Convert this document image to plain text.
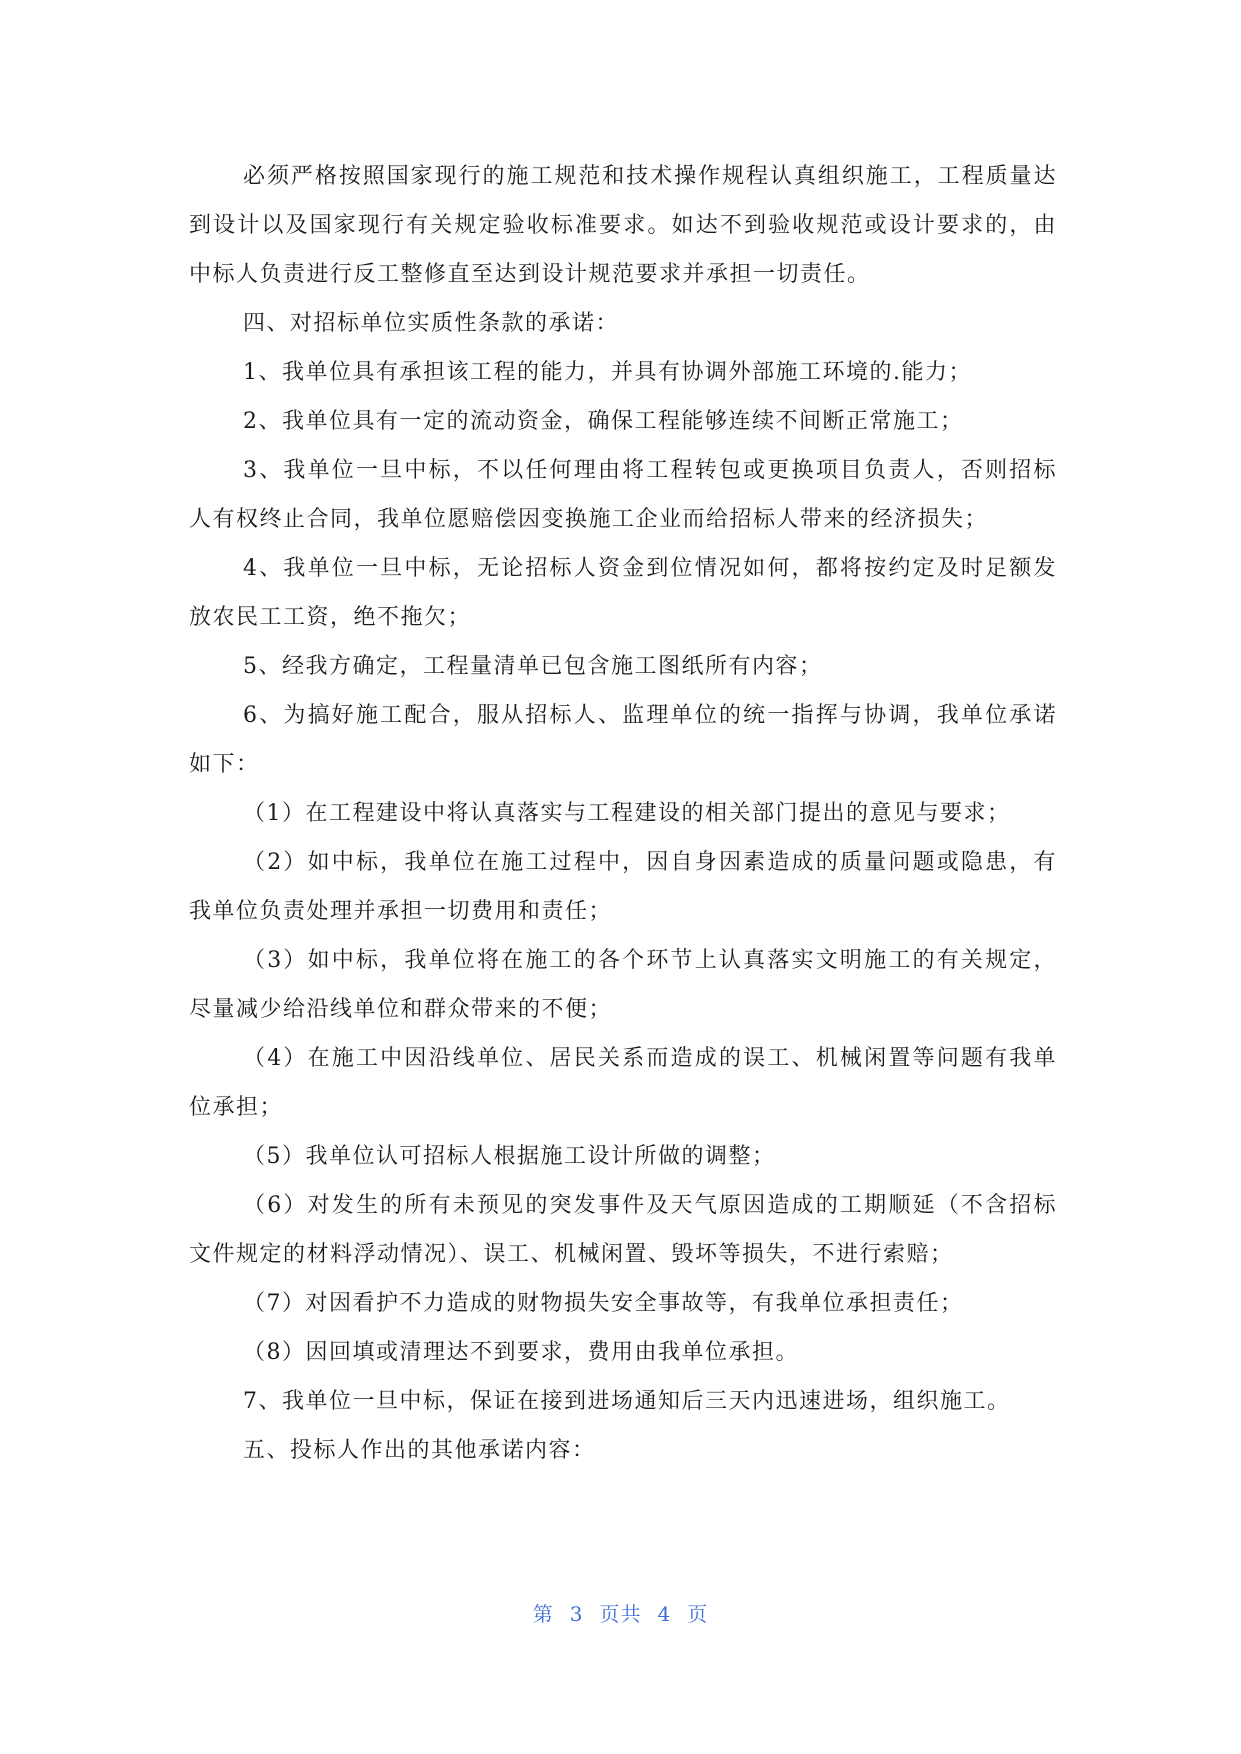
必须严格按照国家现行的施工规范和技术操作规程认真组织施工，工程质量达到设计以及国家现行有关规定验收标准要求。如达不到验收规范或设计要求的，由中标人负责进行反工整修直至达到设计规范要求并承担一切责任。

四、对招标单位实质性条款的承诺：

1、我单位具有承担该工程的能力，并具有协调外部施工环境的.能力；

2、我单位具有一定的流动资金，确保工程能够连续不间断正常施工；

3、我单位一旦中标，不以任何理由将工程转包或更换项目负责人，否则招标人有权终止合同，我单位愿赔偿因变换施工企业而给招标人带来的经济损失；

4、我单位一旦中标，无论招标人资金到位情况如何，都将按约定及时足额发放农民工工资，绝不拖欠；

5、经我方确定，工程量清单已包含施工图纸所有内容；

6、为搞好施工配合，服从招标人、监理单位的统一指挥与协调，我单位承诺如下：

（1）在工程建设中将认真落实与工程建设的相关部门提出的意见与要求；

（2）如中标，我单位在施工过程中，因自身因素造成的质量问题或隐患，有我单位负责处理并承担一切费用和责任；

（3）如中标，我单位将在施工的各个环节上认真落实文明施工的有关规定，尽量减少给沿线单位和群众带来的不便；

（4）在施工中因沿线单位、居民关系而造成的误工、机械闲置等问题有我单位承担；

（5）我单位认可招标人根据施工设计所做的调整；

（6）对发生的所有未预见的突发事件及天气原因造成的工期顺延（不含招标文件规定的材料浮动情况）、误工、机械闲置、毁坏等损失，不进行索赔；

（7）对因看护不力造成的财物损失安全事故等，有我单位承担责任；

（8）因回填或清理达不到要求，费用由我单位承担。

7、我单位一旦中标，保证在接到进场通知后三天内迅速进场，组织施工。

五、投标人作出的其他承诺内容：

第 3 页共 4 页
